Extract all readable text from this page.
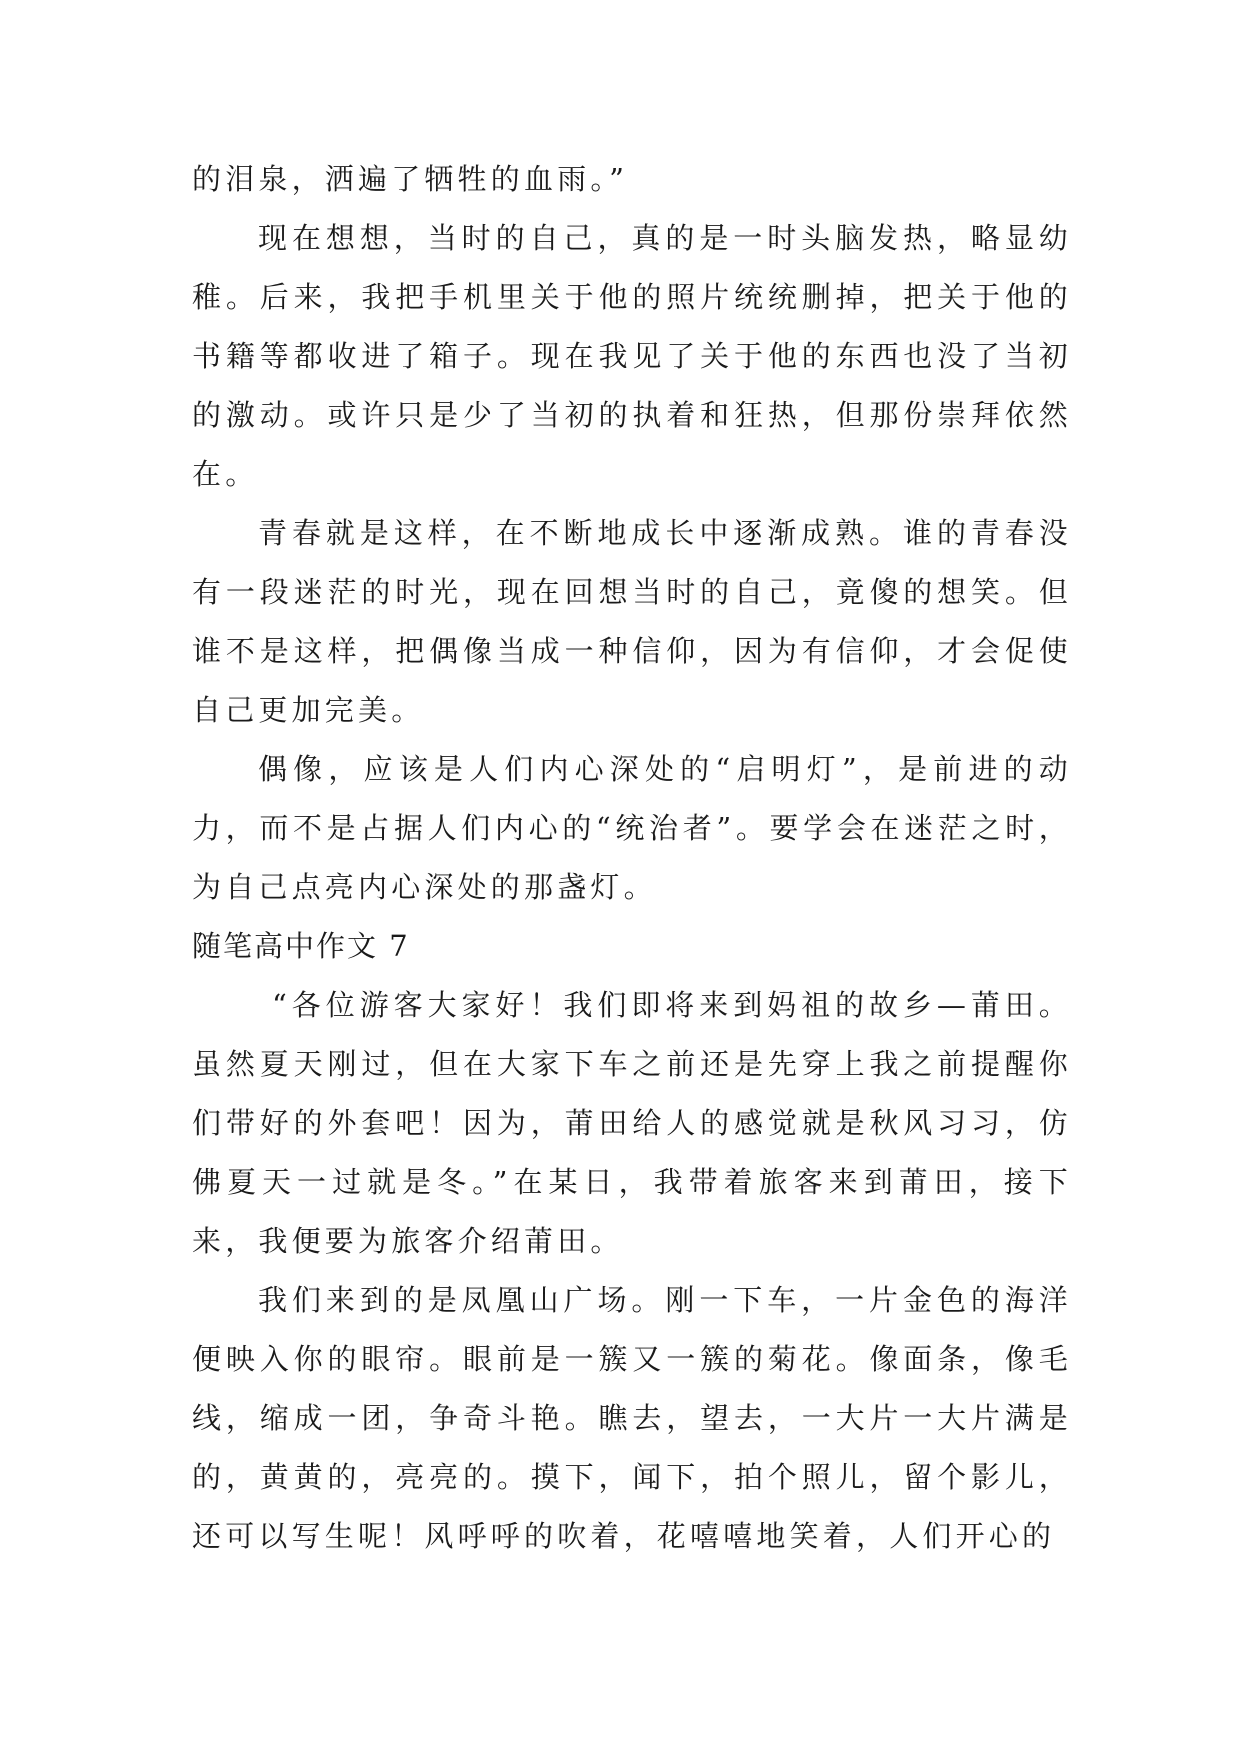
的泪泉，洒遍了牺牲的血雨。”

现在想想，当时的自己，真的是一时头脑发热，略显幼稚。后来，我把手机里关于他的照片统统删掉，把关于他的书籍等都收进了箱子。现在我见了关于他的东西也没了当初的激动。或许只是少了当初的执着和狂热，但那份崇拜依然在。

青春就是这样，在不断地成长中逐渐成熟。谁的青春没有一段迷茫的时光，现在回想当时的自己，竟傻的想笑。但谁不是这样，把偶像当成一种信仰，因为有信仰，才会促使自己更加完美。

偶像，应该是人们内心深处的“启明灯”，是前进的动力，而不是占据人们内心的“统治者”。要学会在迷茫之时，为自己点亮内心深处的那盏灯。

随笔高中作文 7

“各位游客大家好！我们即将来到妈祖的故乡—莆田。虽然夏天刚过，但在大家下车之前还是先穿上我之前提醒你们带好的外套吧！因为，莆田给人的感觉就是秋风习习，仿佛夏天一过就是冬。”在某日，我带着旅客来到莆田，接下来，我便要为旅客介绍莆田。

我们来到的是凤凰山广场。刚一下车，一片金色的海洋便映入你的眼帘。眼前是一簇又一簇的菊花。像面条，像毛线，缩成一团，争奇斗艳。瞧去，望去，一大片一大片满是的，黄黄的，亮亮的。摸下，闻下，拍个照儿，留个影儿，还可以写生呢！风呼呼的吹着，花嘻嘻地笑着，人们开心的
